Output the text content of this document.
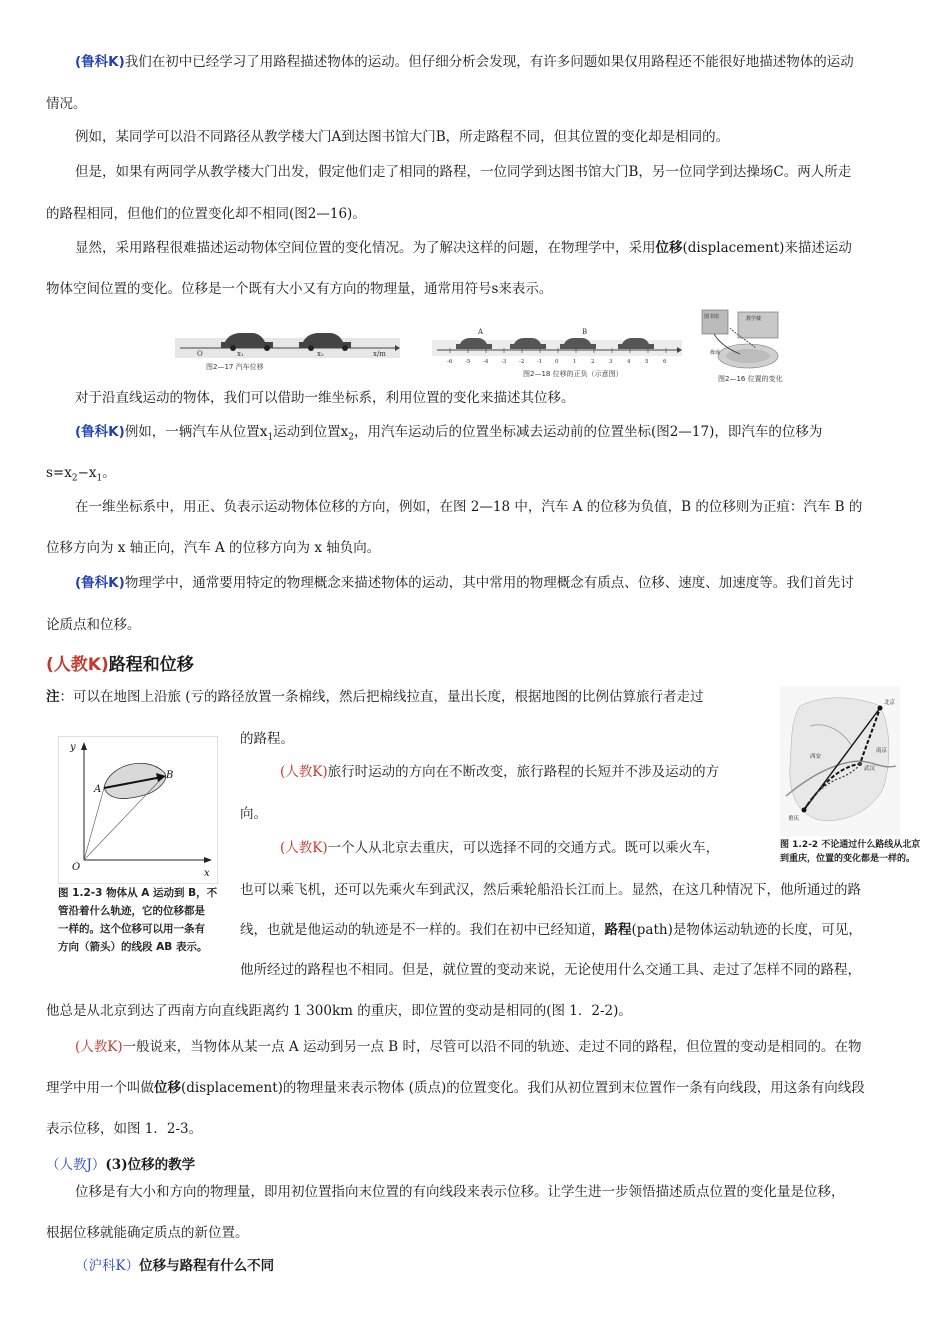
(鲁科K)我们在初中已经学习了用路程描述物体的运动。但仔细分析会发现，有许多问题如果仅用路程还不能很好地描述物体的运动
情况。
例如，某同学可以沿不同路径从教学楼大门A到达图书馆大门B，所走路程不同，但其位置的变化却是相同的。
但是，如果有两同学从教学楼大门出发，假定他们走了相同的路程，一位同学到达图书馆大门B，另一位同学到达操场C。两人所走
的路程相同，但他们的位置变化却不相同(图2—16)。
显然，采用路程很难描述运动物体空间位置的变化情况。为了解决这样的问题，在物理学中，采用位移(displacement)来描述运动
物体空间位置的变化。位移是一个既有大小又有方向的物理量，通常用符号s来表示。
O	x₁	x₂	x/m
图2—17 汽车位移
-6 -5 -4 -3 -2 -1 0	1	2	3	4	5	6
A	B
图2—18 位移的正负（示意图）
图书馆	教学楼
操场
图2—16 位置的变化
对于沿直线运动的物体，我们可以借助一维坐标系，利用位置的变化来描述其位移。
(鲁科K)例如，一辆汽车从位置$x_1$运动到位置$x_2$，用汽车运动后的位置坐标减去运动前的位置坐标(图2—17)，即汽车的位移为
$s=x_2-x_1$。
在一维坐标系中，用正、负表示运动物体位移的方向，例如，在图 2—18 中，汽车 A 的位移为负值，B 的位移则为正疽：汽车 B 的
位移方向为 x 轴正向，汽车 A 的位移方向为 x 轴负向。
(鲁科K)物理学中，通常要用特定的物理概念来描述物体的运动，其中常用的物理概念有质点、位移、速度、加速度等。我们首先讨
论质点和位移。
(人教K)路程和位移
注：可以在地图上沿旅 (亏的路径放置一条棉线，然后把棉线拉直，量出长度，根据地图的比例估算旅行者走过
的路程。
y
x
O
A
B
图 1.2-3 物体从 A 运动到 B，不
管沿着什么轨迹，它的位移都是
一样的。这个位移可以用一条有
方向（箭头）的线段 AB 表示。
北京
重庆
武汉
西安
南京
图 1.2-2 不论通过什么路线从北京
到重庆，位置的变化都是一样的。
(人教K)旅行时运动的方向在不断改变，旅行路程的长短并不涉及运动的方
向。
(人教K)一个人从北京去重庆，可以选择不同的交通方式。既可以乘火车，
也可以乘飞机，还可以先乘火车到武汉，然后乘轮船沿长江而上。显然，在这几种情况下，他所通过的路
线，也就是他运动的轨迹是不一样的。我们在初中已经知道，路程(path)是物体运动轨迹的长度，可见，
他所经过的路程也不相同。但是，就位置的变动来说，无论使用什么交通工具、走过了怎样不同的路程，
他总是从北京到达了西南方向直线距离约 1 300km 的重庆，即位置的变动是相同的(图 1．2-2)。
(人教K)一般说来，当物体从某一点 A 运动到另一点 B 时，尽管可以沿不同的轨迹、走过不同的路程，但位置的变动是相同的。在物
理学中用一个叫做位移(displacement)的物理量来表示物体 (质点)的位置变化。我们从初位置到末位置作一条有向线段，用这条有向线段
表示位移，如图 1．2-3。
（人教J）(3)位移的教学
位移是有大小和方向的物理量，即用初位置指向末位置的有向线段来表示位移。让学生进一步领悟描述质点位置的变化量是位移，
根据位移就能确定质点的新位置。
（沪科K）位移与路程有什么不同
